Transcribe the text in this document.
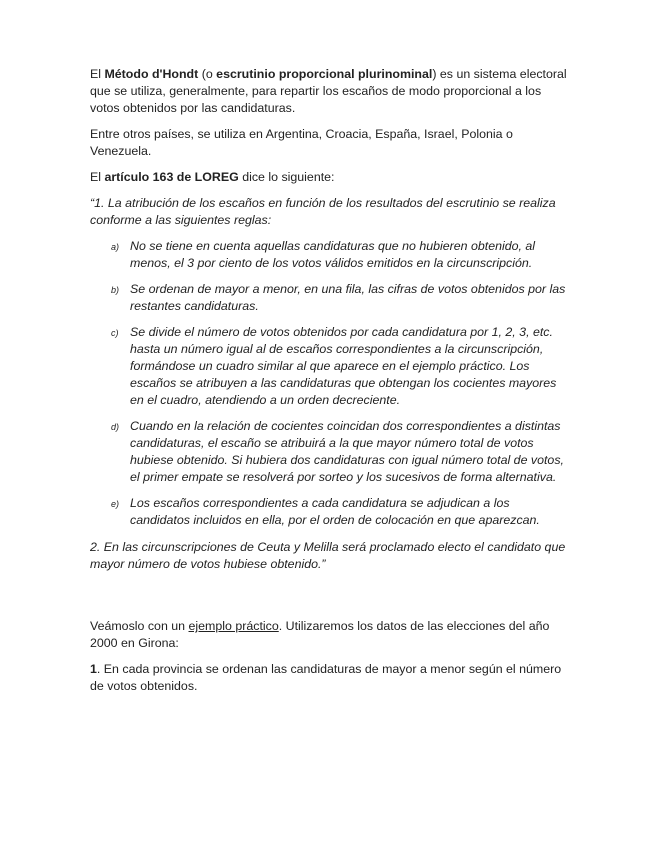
El Método d'Hondt (o escrutinio proporcional plurinominal) es un sistema electoral que se utiliza, generalmente, para repartir los escaños de modo proporcional a los votos obtenidos por las candidaturas.

Entre otros países, se utiliza en Argentina, Croacia, España, Israel, Polonia o Venezuela.

El artículo 163 de LOREG dice lo siguiente:

“1. La atribución de los escaños en función de los resultados del escrutinio se realiza conforme a las siguientes reglas:

a) No se tiene en cuenta aquellas candidaturas que no hubieren obtenido, al menos, el 3 por ciento de los votos válidos emitidos en la circunscripción.
b) Se ordenan de mayor a menor, en una fila, las cifras de votos obtenidos por las restantes candidaturas.
c) Se divide el número de votos obtenidos por cada candidatura por 1, 2, 3, etc. hasta un número igual al de escaños correspondientes a la circunscripción, formándose un cuadro similar al que aparece en el ejemplo práctico. Los escaños se atribuyen a las candidaturas que obtengan los cocientes mayores en el cuadro, atendiendo a un orden decreciente.
d) Cuando en la relación de cocientes coincidan dos correspondientes a distintas candidaturas, el escaño se atribuirá a la que mayor número total de votos hubiese obtenido. Si hubiera dos candidaturas con igual número total de votos, el primer empate se resolverá por sorteo y los sucesivos de forma alternativa.
e) Los escaños correspondientes a cada candidatura se adjudican a los candidatos incluidos en ella, por el orden de colocación en que aparezcan.

2. En las circunscripciones de Ceuta y Melilla será proclamado electo el candidato que mayor número de votos hubiese obtenido.”

Veámoslo con un ejemplo práctico. Utilizaremos los datos de las elecciones del año 2000 en Girona:

1. En cada provincia se ordenan las candidaturas de mayor a menor según el número de votos obtenidos.
